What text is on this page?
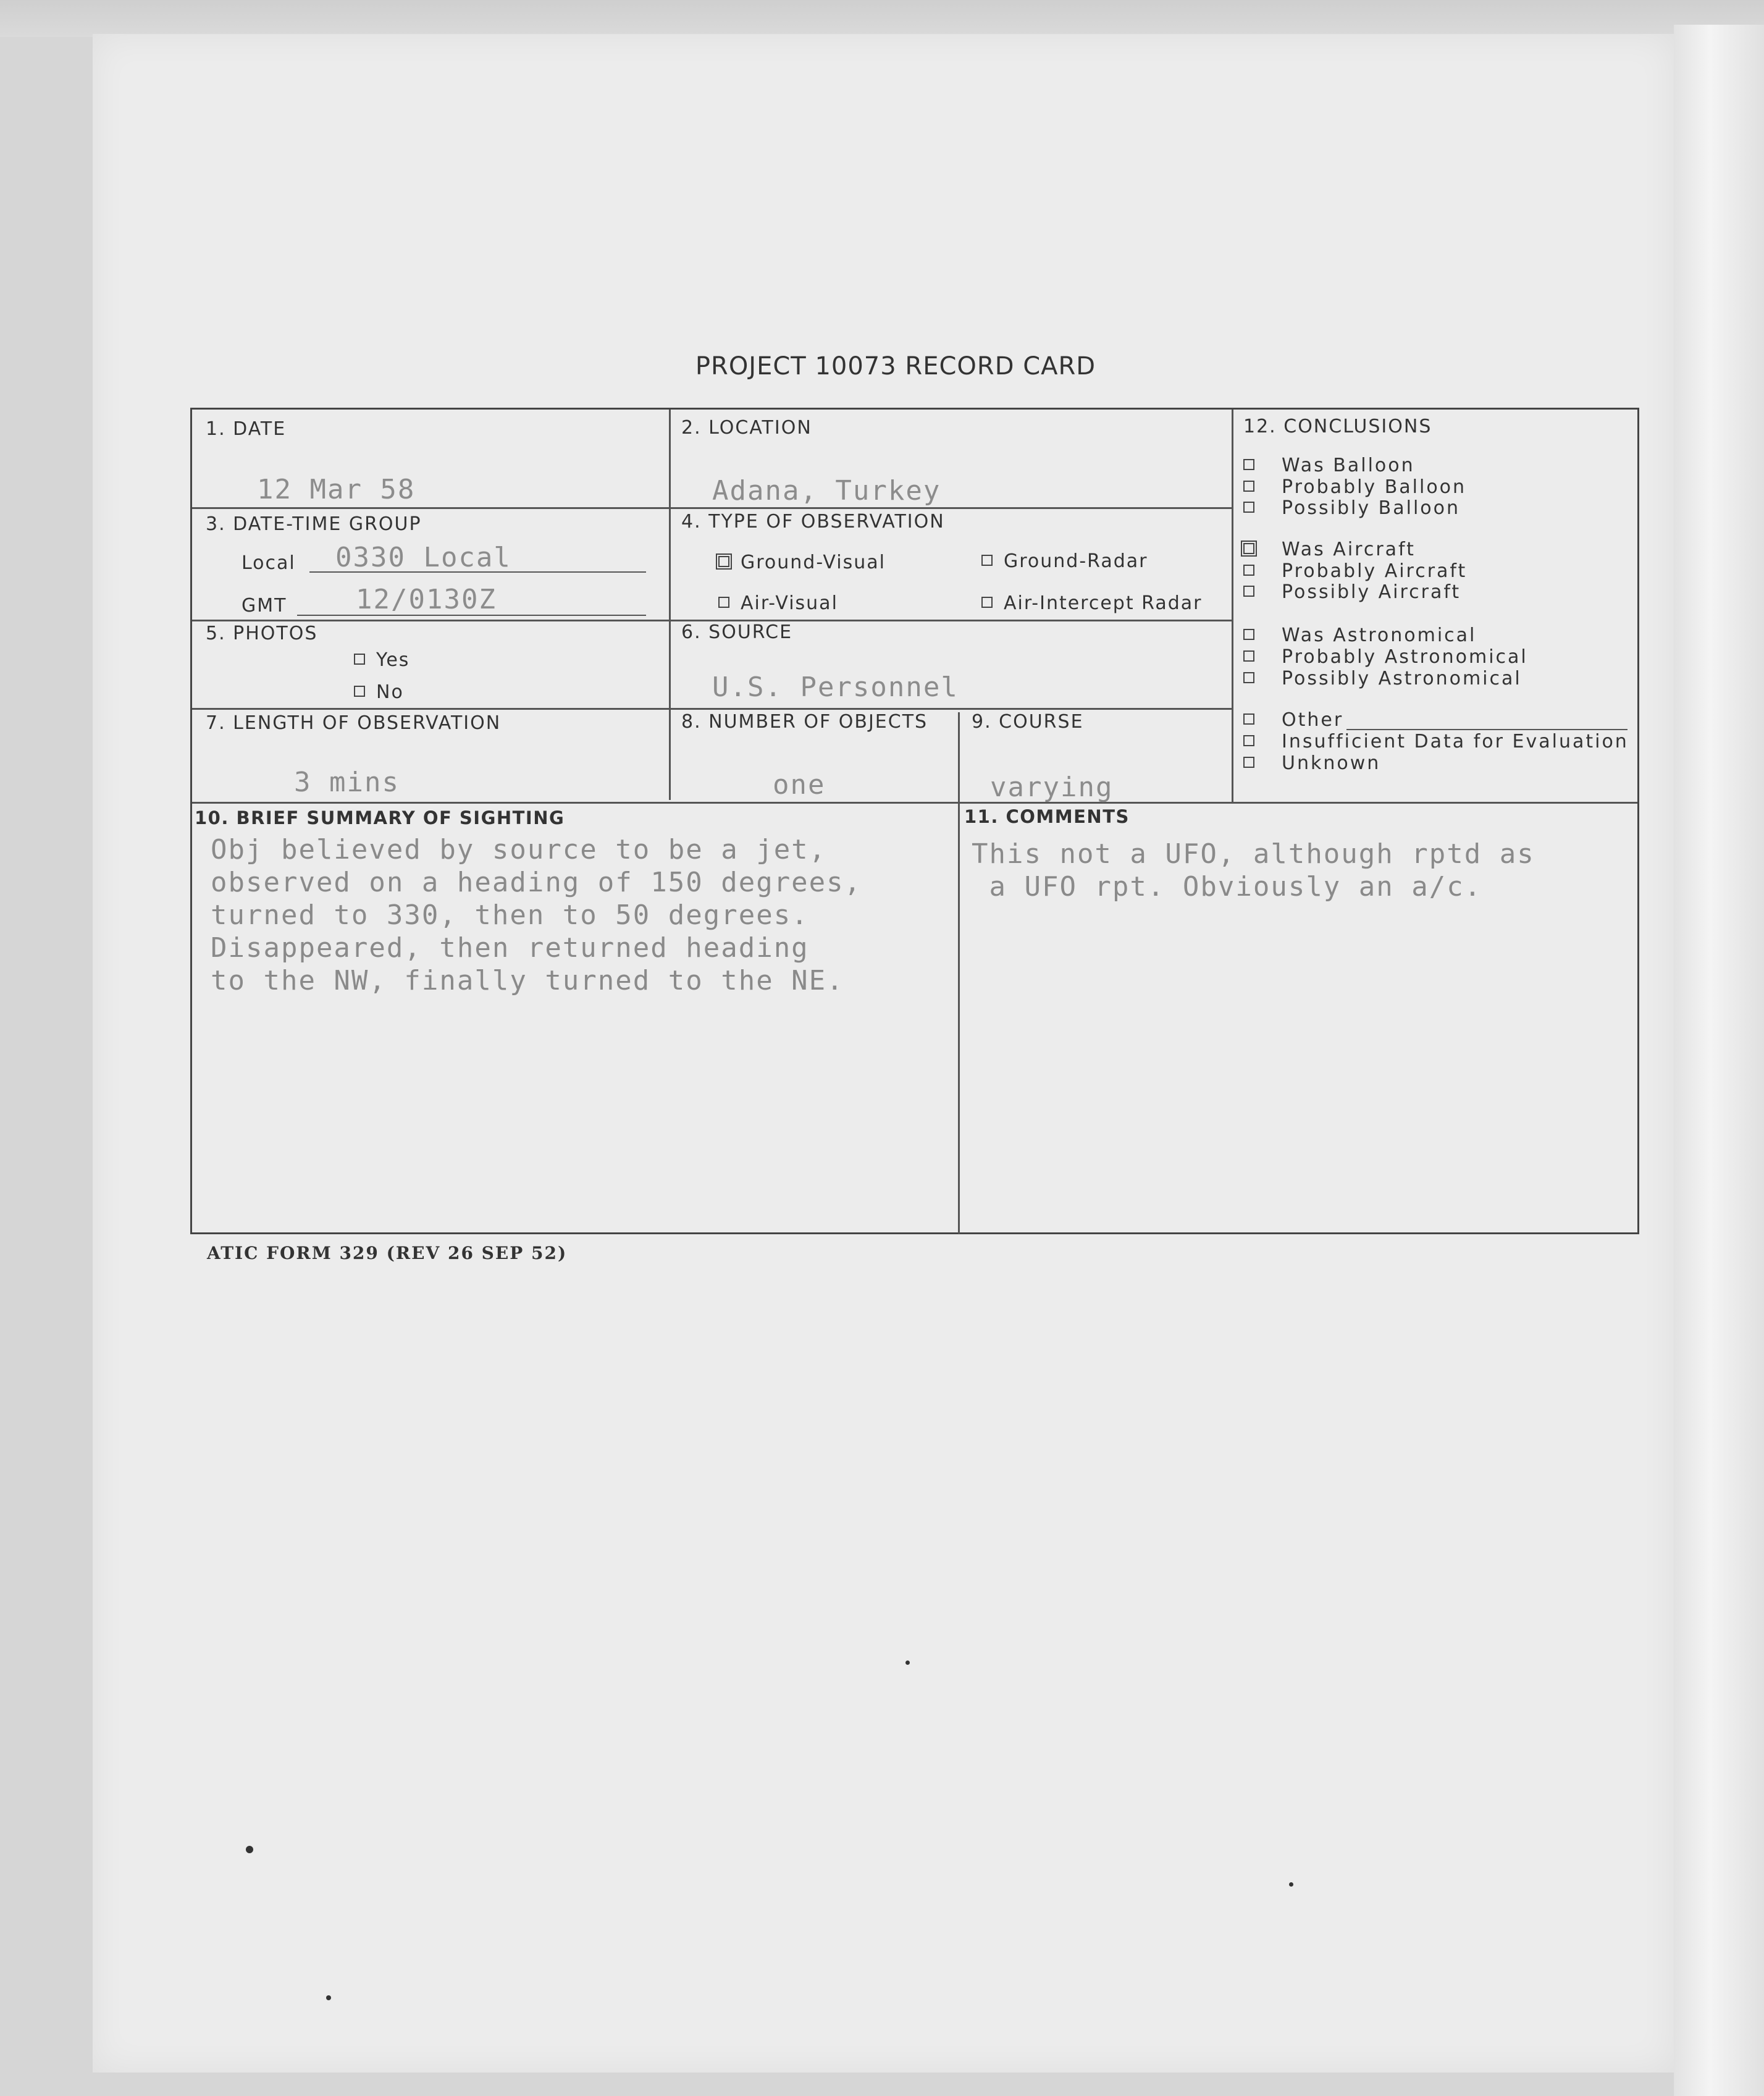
PROJECT 10073 RECORD CARD
1. DATE
12 Mar 58
2. LOCATION
Adana, Turkey
3. DATE-TIME GROUP
Local 0330 Local
GMT	12/0130Z
4. TYPE OF OBSERVATION
Ground-Visual	Ground-Radar
Air-Visual	Air-Intercept Radar
5. PHOTOS
Yes
No
6. SOURCE
U.S. Personnel
7. LENGTH OF OBSERVATION
3 mins
8. NUMBER OF OBJECTS
one
9. COURSE
varying
10. BRIEF SUMMARY OF SIGHTING
Obj believed by source to be a jet,
observed on a heading of 150 degrees,
turned to 330, then to 50 degrees.
Disappeared, then returned heading
to the NW, finally turned to the NE.
11. COMMENTS
This not a UFO, although rptd as
a UFO rpt. Obviously an a/c.
12. CONCLUSIONS
Was Balloon
Probably Balloon
Possibly Balloon
Was Aircraft
Probably Aircraft
Possibly Aircraft
Was Astronomical
Probably Astronomical
Possibly Astronomical
Other
Insufficient Data for Evaluation
Unknown
ATIC FORM 329 (REV 26 SEP 52)
